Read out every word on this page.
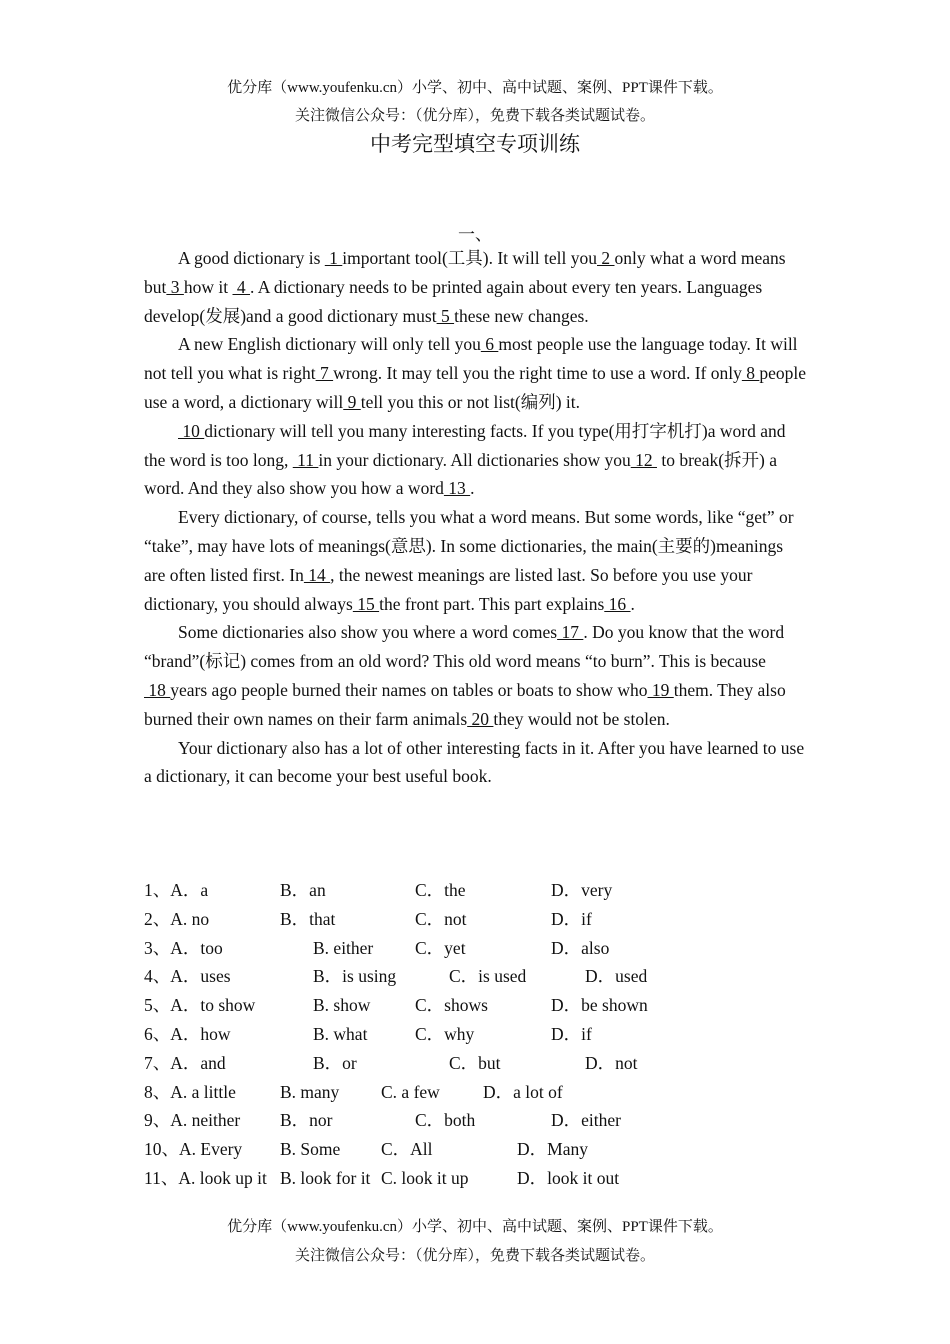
优分库（www.youfenku.cn）小学、初中、高中试题、案例、PPT课件下载。
关注微信公众号：（优分库），免费下载各类试题试卷。
中考完型填空专项训练
一、

A good dictionary is  1 important tool(工具). It will tell you 2 only what a word means but 3 how it  4 . A dictionary needs to be printed again about every ten years. Languages develop(发展)and a good dictionary must 5 these new changes.

A new English dictionary will only tell you 6 most people use the language today. It will not tell you what is right 7 wrong. It may tell you the right time to use a word. If only 8 people use a word, a dictionary will 9 tell you this or not list(编列) it.

10 dictionary will tell you many interesting facts. If you type(用打字机打)a word and the word is too long,  11 in your dictionary. All dictionaries show you 12  to break(拆开) a word. And they also show you how a word 13 .

Every dictionary, of course, tells you what a word means. But some words, like “get” or “take”, may have lots of meanings(意思). In some dictionaries, the main(主要的)meanings are often listed first. In 14 , the newest meanings are listed last. So before you use your dictionary, you should always 15 the front part. This part explains 16 .

Some dictionaries also show you where a word comes 17 . Do you know that the word “brand”(标记) comes from an old word? This old word means “to burn”. This is because  18 years ago people burned their names on tables or boats to show who 19 them. They also burned their own names on their farm animals 20 they would not be stolen.

Your dictionary also has a lot of other interesting facts in it. After you have learned to use a dictionary, it can become your best useful book.

1、A．a	B．an	C．the	D．very
2、A. no	B．that	C．not	D．if
3、A．too	B. either C．yet	D．also
4、A．uses	B．is using	C．is used	D．used
5、A．to show	B. show	C．shows	D．be shown
6、A．how	B. what	C．why	D．if
7、A．and	B．or	C．but	D．not
8、A. a little	B. many C. a few D．a lot of
9、A. neither B．nor	C．both	D．either
10、A. Every B. Some C．All	D．Many
11、A. look up it B. look for it C. look it up	D．look it out
优分库（www.youfenku.cn）小学、初中、高中试题、案例、PPT课件下载。
关注微信公众号：（优分库），免费下载各类试题试卷。
